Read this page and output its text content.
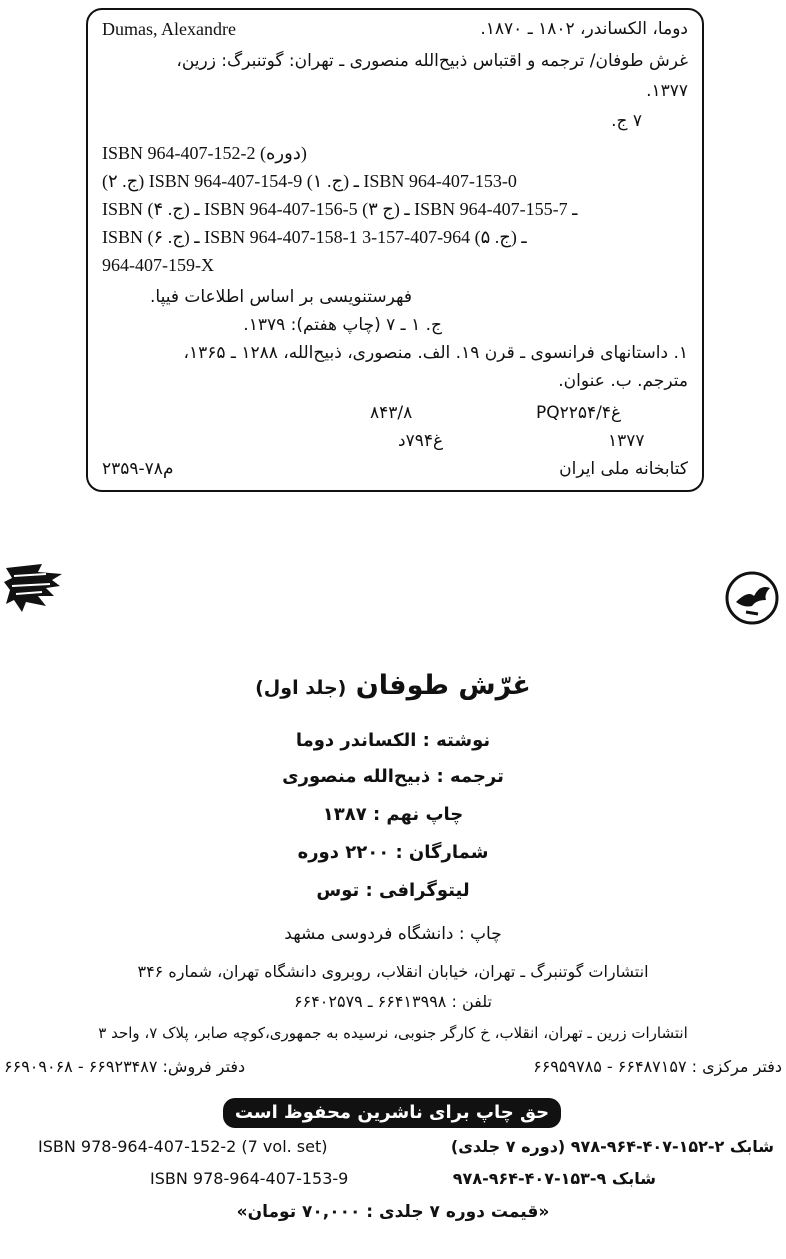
Dumas, Alexandre	دوما، الکساندر، ۱۸۰۲ ـ ۱۸۷۰.
غرش طوفان/ ترجمه و اقتباس ذبیح‌الله منصوری ـ تهران: گوتنبرگ: زرین،
۱۳۷۷.
۷ ج.
ISBN 964-407-152-2 (دوره)
(ج. ۲) ISBN 964-407-154-9 ـ (ج. ۱) ISBN 964-407-153-0
ISBN ـ (ج. ۴) ISBN 964-407-156-5 ـ (ج ۳) ISBN 964-407-155-7 ـ
ISBN ـ (ج. ۶) ISBN 964-407-158-1 ـ (ج. ۵) 964-407-157-3
964-407-159-X
فهرستنویسی بر اساس اطلاعات فیپا.
ج. ۱ ـ ۷ (چاپ هفتم): ۱۳۷۹.
۱. داستانهای فرانسوی ـ قرن ۱۹. الف. منصوری، ذبیح‌الله، ۱۲۸۸ ـ ۱۳۶۵،
مترجم. ب. عنوان.
۸۴۳/۸	PQ۲۲۵۴/غ۴
غ۷۹۴د	۱۳۷۷
م۷۸-۲۳۵۹	کتابخانه ملی ایران
غرّش طوفان (جلد اول)
نوشته : الکساندر دوما
ترجمه : ذبیح‌الله منصوری
چاپ نهم : ۱۳۸۷
شمارگان : ۲۲۰۰ دوره
لیتوگرافی : توس
چاپ : دانشگاه فردوسی مشهد
انتشارات گوتنبرگ ـ تهران، خیابان انقلاب، روبروی دانشگاه تهران، شماره ۳۴۶
تلفن : ۶۶۴۱۳۹۹۸ ـ ۶۶۴۰۲۵۷۹
انتشارات زرین ـ تهران، انقلاب، خ کارگر جنوبی، نرسیده به جمهوری،کوچه صابر، پلاک ۷، واحد ۳
دفتر مرکزی : ۶۶۴۸۷۱۵۷ - ۶۶۹۵۹۷۸۵
دفتر فروش: ۶۶۹۲۳۴۸۷ - ۶۶۹۰۹۰۶۸
حق چاپ برای ناشرین محفوظ است
شابک ۲-۱۵۲-۴۰۷-۹۶۴-۹۷۸ (دوره ۷ جلدی)
ISBN 978-964-407-152-2 (7 vol. set)
شابک ۹-۱۵۳-۴۰۷-۹۶۴-۹۷۸
ISBN 978-964-407-153-9
«قیمت دوره ۷ جلدی : ۷۰,۰۰۰ تومان»
